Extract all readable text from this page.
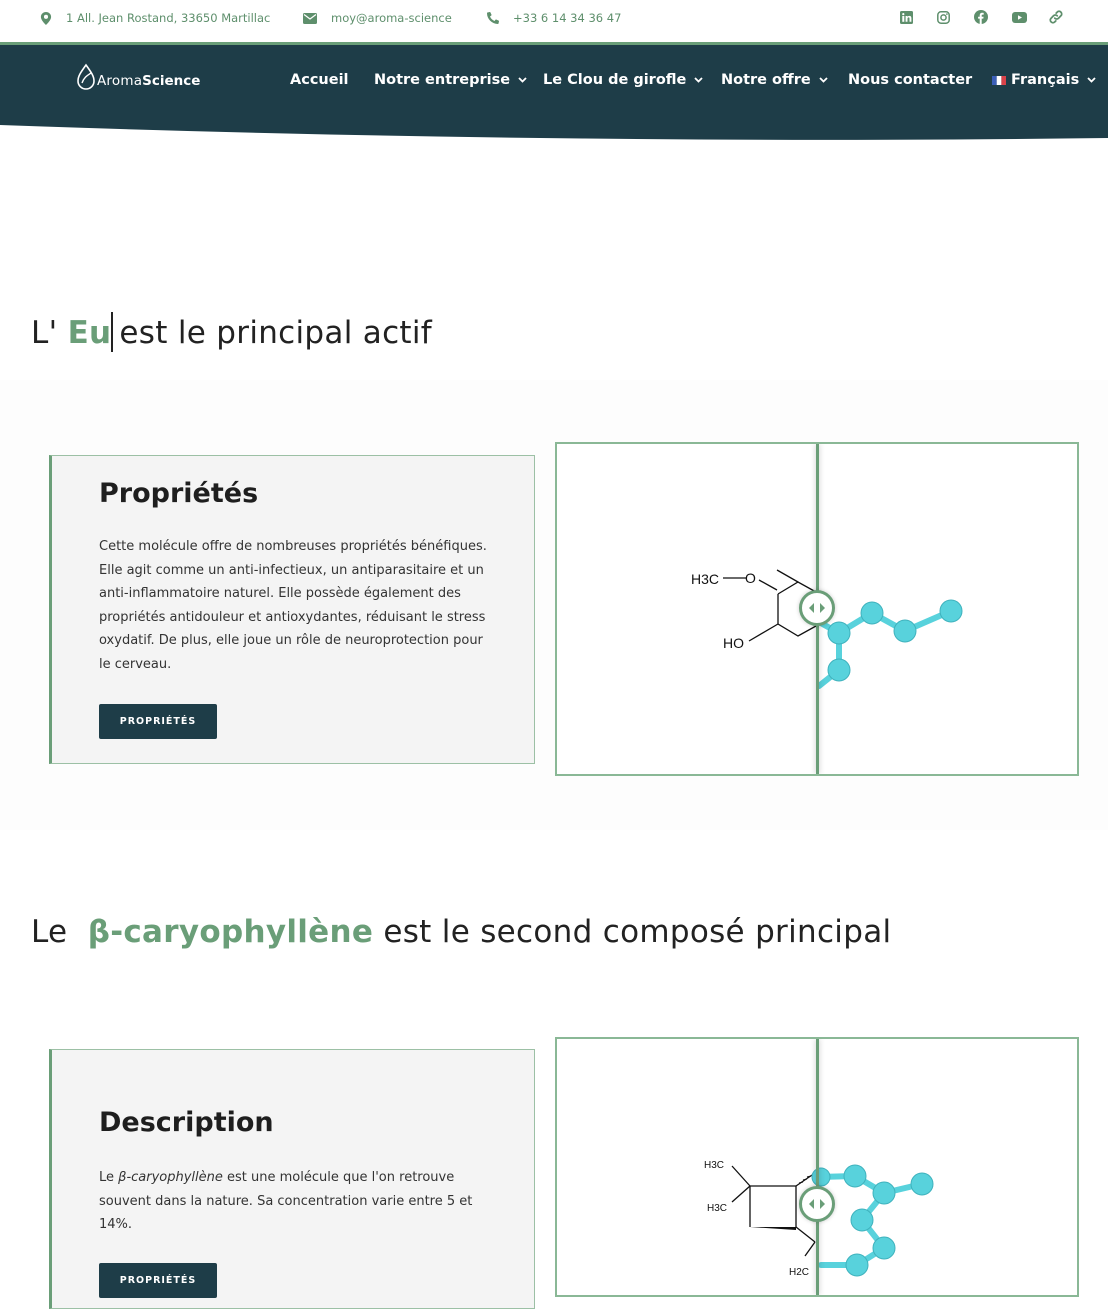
1 All. Jean Rostand, 33650 Martillac	moy@aroma-science	+33 6 14 34 36 47
Aroma Science	Accueil Notre entreprise Le Clou de girofle Notre offre	Nous contacter	Français
L' Eu est le principal actif
Propriétés

Cette molécule offre de nombreuses propriétés bénéfiques. Elle agit comme un anti-infectieux, un antiparasitaire et un anti-inflammatoire naturel. Elle possède également des propriétés antidouleur et antioxydantes, réduisant le stress oxydatif. De plus, elle joue un rôle de neuroprotection pour le cerveau.

PROPRIÉTÉS
H3C O
HO
Le β-caryophyllène est le second composé principal
Description

Le β-caryophyllène est une molécule que l'on retrouve souvent dans la nature. Sa concentration varie entre 5 et 14%.

PROPRIÉTÉS
H3C
H3C
H2C
